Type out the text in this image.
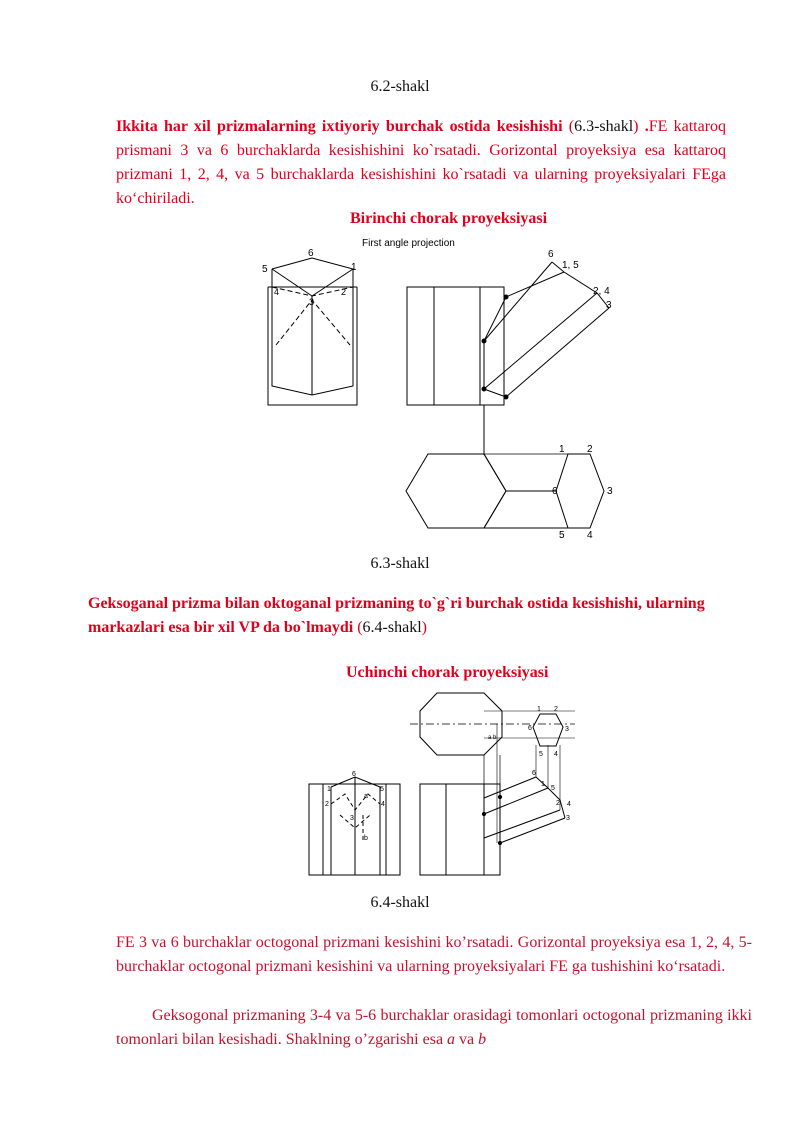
6.2-shakl
Ikkita har xil prizmalarning ixtiyoriy burchak ostida kesishishi (6.3-shakl) .FE kattaroq prismani 3 va 6 burchaklarda kesishishini ko`rsatadi. Gorizontal proyeksiya esa kattaroq prizmani 1, 2, 4, va 5 burchaklarda kesishishini ko`rsatadi va ularning proyeksiyalari FEga ko‘chiriladi.
Birinchi chorak proyeksiyasi
First angle projection
6
5	1
4
3
2
6
1, 5
2, 4
3
1 2
6	3
5 4
6.3-shakl
Geksoganal prizma bilan oktoganal prizmaning to`g`ri burchak ostida kesishishi, ularning markazlari esa bir xil VP da bo`lmaydi (6.4-shakl)
Uchinchi chorak proyeksiyasi
1 2
6	3
5 4
a b
6
1	5
2
a
4
3
b
6
1
5
2 4
3
6.4-shakl
FE 3 va 6 burchaklar octogonal prizmani kesishini ko’rsatadi. Gorizontal proyeksiya esa 1, 2, 4, 5- burchaklar octogonal prizmani kesishini va ularning proyeksiyalari FE ga tushishini ko‘rsatadi.
Geksogonal prizmaning 3-4 va 5-6 burchaklar orasidagi tomonlari octogonal prizmaning ikki tomonlari bilan kesishadi. Shaklning o’zgarishi esa a va b
